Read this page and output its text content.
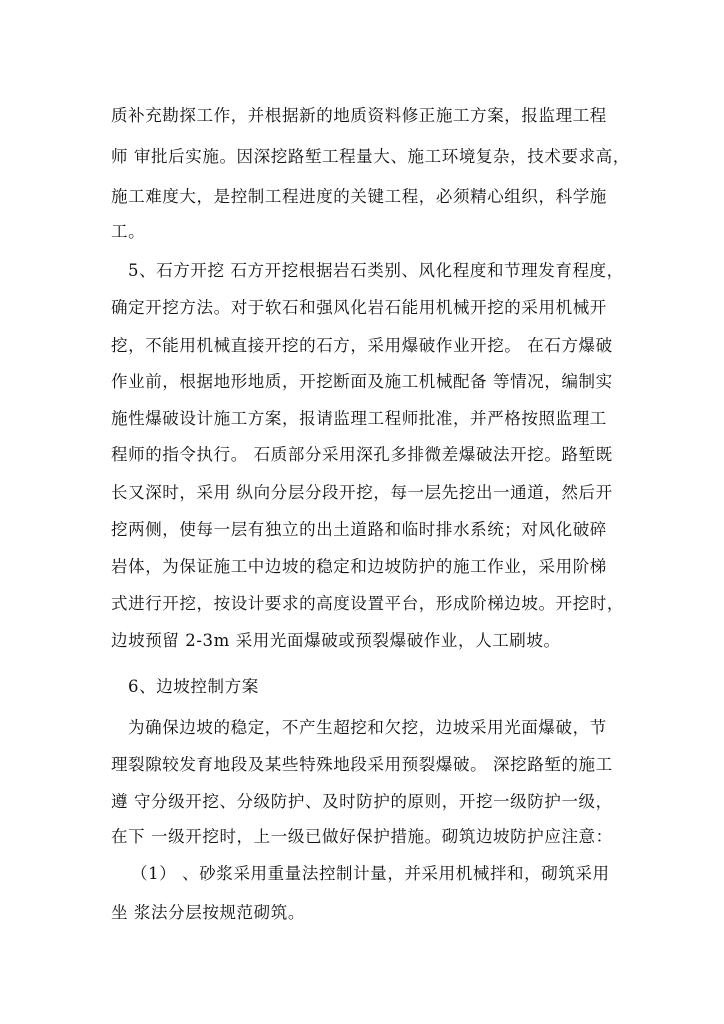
质补充勘探工作，并根据新的地质资料修正施工方案，报监理工程
师 审批后实施。因深挖路堑工程量大、施工环境复杂，技术要求高，
施工难度大，是控制工程进度的关键工程，必须精心组织，科学施
工。
5、石方开挖 石方开挖根据岩石类别、风化程度和节理发育程度，
确定开挖方法。对于软石和强风化岩石能用机械开挖的采用机械开
挖，不能用机械直接开挖的石方，采用爆破作业开挖。 在石方爆破
作业前，根据地形地质，开挖断面及施工机械配备 等情况，编制实
施性爆破设计施工方案，报请监理工程师批准，并严格按照监理工
程师的指令执行。 石质部分采用深孔多排微差爆破法开挖。路堑既
长又深时，采用 纵向分层分段开挖，每一层先挖出一通道，然后开
挖两侧，使每一层有独立的出土道路和临时排水系统；对风化破碎
岩体，为保证施工中边坡的稳定和边坡防护的施工作业，采用阶梯
式进行开挖，按设计要求的高度设置平台，形成阶梯边坡。开挖时，
边坡预留 2-3m 采用光面爆破或预裂爆破作业，人工刷坡。
6、边坡控制方案
为确保边坡的稳定，不产生超挖和欠挖，边坡采用光面爆破，节
理裂隙较发育地段及某些特殊地段采用预裂爆破。 深挖路堑的施工
遵 守分级开挖、分级防护、及时防护的原则，开挖一级防护一级，
在下 一级开挖时，上一级已做好保护措施。砌筑边坡防护应注意：
（1） 、砂浆采用重量法控制计量，并采用机械拌和，砌筑采用
坐 浆法分层按规范砌筑。
